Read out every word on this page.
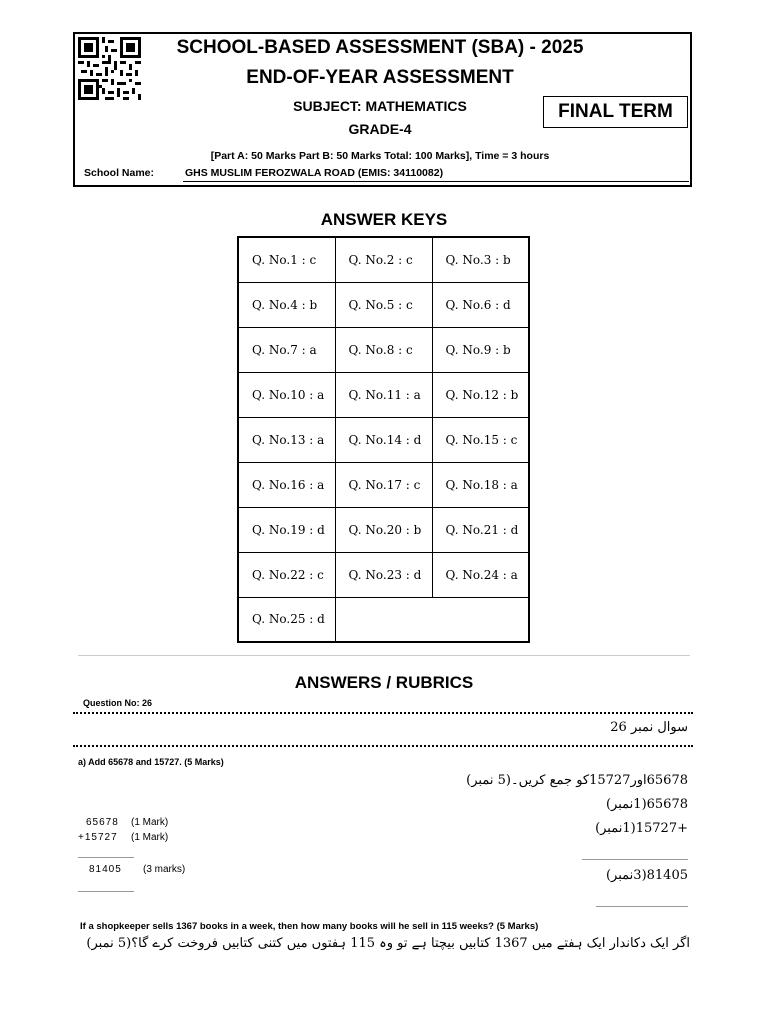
SCHOOL-BASED ASSESSMENT (SBA) - 2025
END-OF-YEAR ASSESSMENT
SUBJECT: MATHEMATICS
GRADE-4
FINAL TERM
[Part A: 50 Marks Part B: 50 Marks Total: 100 Marks], Time = 3 hours
School Name:	GHS MUSLIM FEROZWALA ROAD (EMIS: 34110082)
ANSWER KEYS
Q. No.1 : c	Q. No.2 : c	Q. No.3 : b
Q. No.4 : b	Q. No.5 : c	Q. No.6 : d
Q. No.7 : a	Q. No.8 : c	Q. No.9 : b
Q. No.10 : a	Q. No.11 : a	Q. No.12 : b
Q. No.13 : a	Q. No.14 : d	Q. No.15 : c
Q. No.16 : a	Q. No.17 : c	Q. No.18 : a
Q. No.19 : d	Q. No.20 : b	Q. No.21 : d
Q. No.22 : c	Q. No.23 : d	Q. No.24 : a
Q. No.25 : d		
ANSWERS / RUBRICS
Question No: 26
سوال نمبر 26
a) Add 65678 and 15727. (5 Marks)
65678اور15727کو جمع کریں۔(5 نمبر)
65678(1نمبر)
+15727(1نمبر)
65678 (1 Mark)
+15727 (1 Mark)
81405 (3 marks)	81405(3نمبر)
If a shopkeeper sells 1367 books in a week, then how many books will he sell in 115 weeks? (5 Marks)
اگر ایک دکاندار ایک ہفتے میں 1367 کتابیں بیچتا ہے تو وہ 115 ہفتوں میں کتنی کتابیں فروخت کرے گا؟(5 نمبر)
